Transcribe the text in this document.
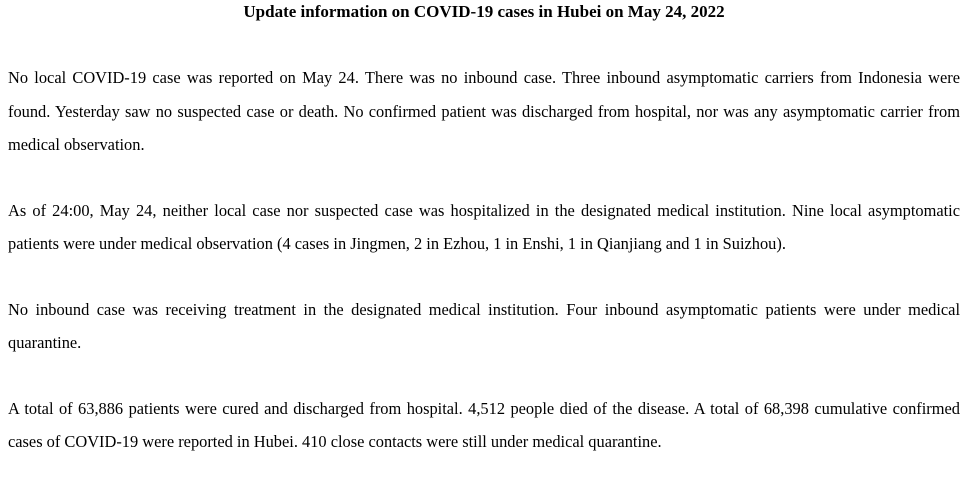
Update information on COVID-19 cases in Hubei on May 24, 2022

No local COVID-19 case was reported on May 24. There was no inbound case. Three inbound asymptomatic carriers from Indonesia were found. Yesterday saw no suspected case or death. No confirmed patient was discharged from hospital, nor was any asymptomatic carrier from medical observation.

As of 24:00, May 24, neither local case nor suspected case was hospitalized in the designated medical institution. Nine local asymptomatic patients were under medical observation (4 cases in Jingmen, 2 in Ezhou, 1 in Enshi, 1 in Qianjiang and 1 in Suizhou).

No inbound case was receiving treatment in the designated medical institution. Four inbound asymptomatic patients were under medical quarantine.

A total of 63,886 patients were cured and discharged from hospital. 4,512 people died of the disease. A total of 68,398 cumulative confirmed cases of COVID-19 were reported in Hubei. 410 close contacts were still under medical quarantine.
